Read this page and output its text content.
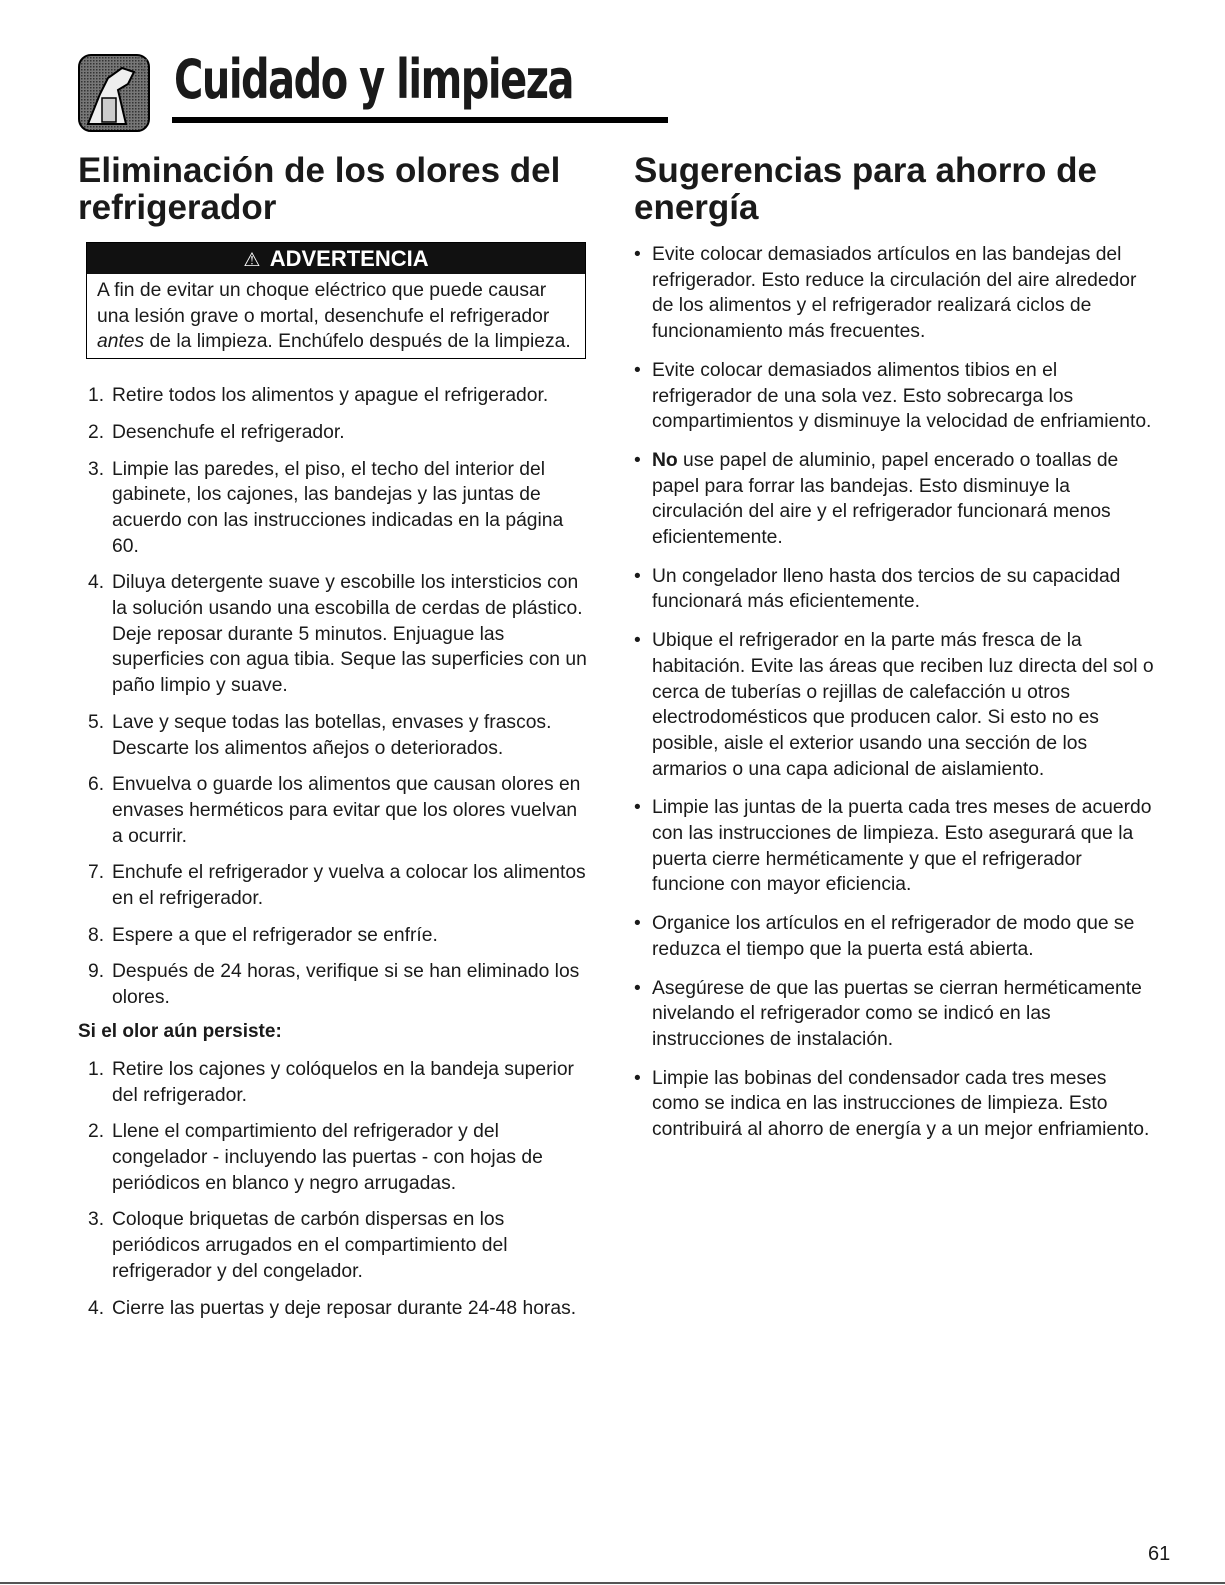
Cuidado y limpieza
Eliminación de los olores del refrigerador
⚠ ADVERTENCIA
A fin de evitar un choque eléctrico que puede causar una lesión grave o mortal, desenchufe el refrigerador antes de la limpieza. Enchúfelo después de la limpieza.
1. Retire todos los alimentos y apague el refrigerador.
2. Desenchufe el refrigerador.
3. Limpie las paredes, el piso, el techo del interior del gabinete, los cajones, las bandejas y las juntas de acuerdo con las instrucciones indicadas en la página 60.
4. Diluya detergente suave y escobille los intersticios con la solución usando una escobilla de cerdas de plástico. Deje reposar durante 5 minutos. Enjuague las superficies con agua tibia. Seque las superficies con un paño limpio y suave.
5. Lave y seque todas las botellas, envases y frascos. Descarte los alimentos añejos o deteriorados.
6. Envuelva o guarde los alimentos que causan olores en envases herméticos para evitar que los olores vuelvan a ocurrir.
7. Enchufe el refrigerador y vuelva a colocar los alimentos en el refrigerador.
8. Espere a que el refrigerador se enfríe.
9. Después de 24 horas, verifique si se han eliminado los olores.
Si el olor aún persiste:
1. Retire los cajones y colóquelos en la bandeja superior del refrigerador.
2. Llene el compartimiento del refrigerador y del congelador - incluyendo las puertas - con hojas de periódicos en blanco y negro arrugadas.
3. Coloque briquetas de carbón dispersas en los periódicos arrugados en el compartimiento del refrigerador y del congelador.
4. Cierre las puertas y deje reposar durante 24-48 horas.
Sugerencias para ahorro de energía
• Evite colocar demasiados artículos en las bandejas del refrigerador. Esto reduce la circulación del aire alrededor de los alimentos y el refrigerador realizará ciclos de funcionamiento más frecuentes.
• Evite colocar demasiados alimentos tibios en el refrigerador de una sola vez. Esto sobrecarga los compartimientos y disminuye la velocidad de enfriamiento.
• No use papel de aluminio, papel encerado o toallas de papel para forrar las bandejas. Esto disminuye la circulación del aire y el refrigerador funcionará menos eficientemente.
• Un congelador lleno hasta dos tercios de su capacidad funcionará más eficientemente.
• Ubique el refrigerador en la parte más fresca de la habitación. Evite las áreas que reciben luz directa del sol o cerca de tuberías o rejillas de calefacción u otros electrodomésticos que producen calor. Si esto no es posible, aisle el exterior usando una sección de los armarios o una capa adicional de aislamiento.
• Limpie las juntas de la puerta cada tres meses de acuerdo con las instrucciones de limpieza. Esto asegurará que la puerta cierre herméticamente y que el refrigerador funcione con mayor eficiencia.
• Organice los artículos en el refrigerador de modo que se reduzca el tiempo que la puerta está abierta.
• Asegúrese de que las puertas se cierran herméticamente nivelando el refrigerador como se indicó en las instrucciones de instalación.
• Limpie las bobinas del condensador cada tres meses como se indica en las instrucciones de limpieza. Esto contribuirá al ahorro de energía y a un mejor enfriamiento.
61
